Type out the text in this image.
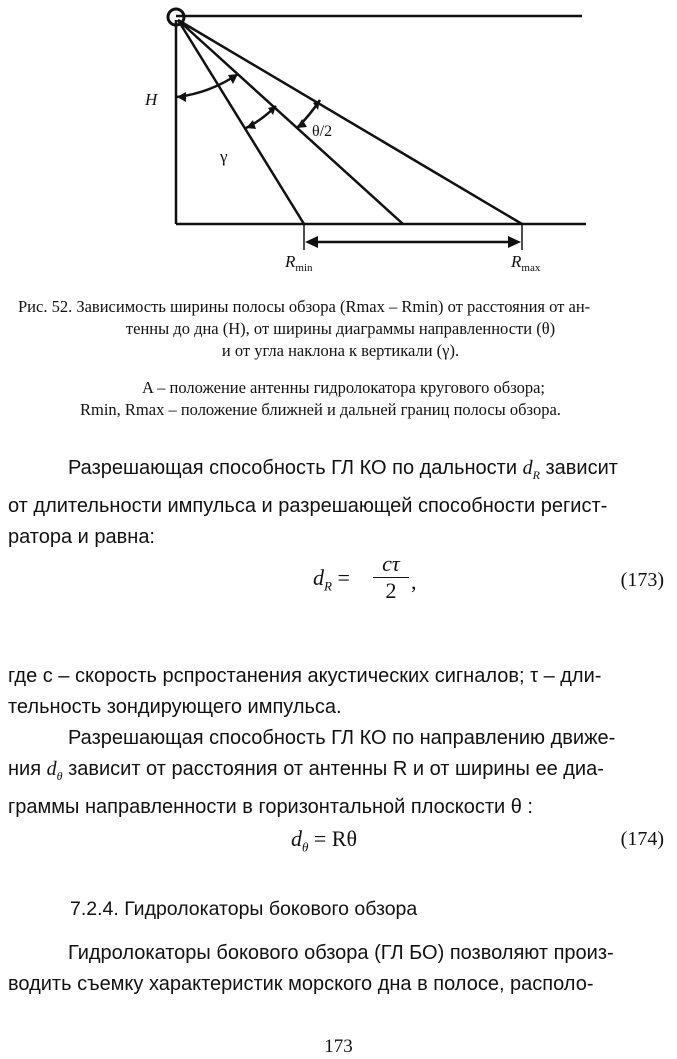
H
γ
θ/2
$R_{min}$	$R_{max}$
Рис. 52. Зависимость ширины полосы обзора (Rmax – Rmin) от расстояния от ан-
тенны до дна (H), от ширины диаграммы направленности (θ)
и от угла наклона к вертикали (γ).
A – положение антенны гидролокатора кругового обзора;
Rmin, Rmax – положение ближней и дальней границ полосы обзора.
Разрешающая способность ГЛ КО по дальности $d_R$ зависит
от длительности импульса и разрешающей способности регист-
ратора и равна:
$d_R$ =
cτ
2 ,	(173)
где c – скорость рспростанения акустических сигналов; τ – дли-
тельность зондирующего импульса.
Разрешающая способность ГЛ КО по направлению движе-
ния $d_\theta$ зависит от расстояния от антенны R и от ширины ее диа-
граммы направленности в горизонтальной плоскости θ :
$d_\theta = R\theta$	(174)
7.2.4. Гидролокаторы бокового обзора
Гидролокаторы бокового обзора (ГЛ БО) позволяют произ-
водить съемку характеристик морского дна в полосе, располо-
173
